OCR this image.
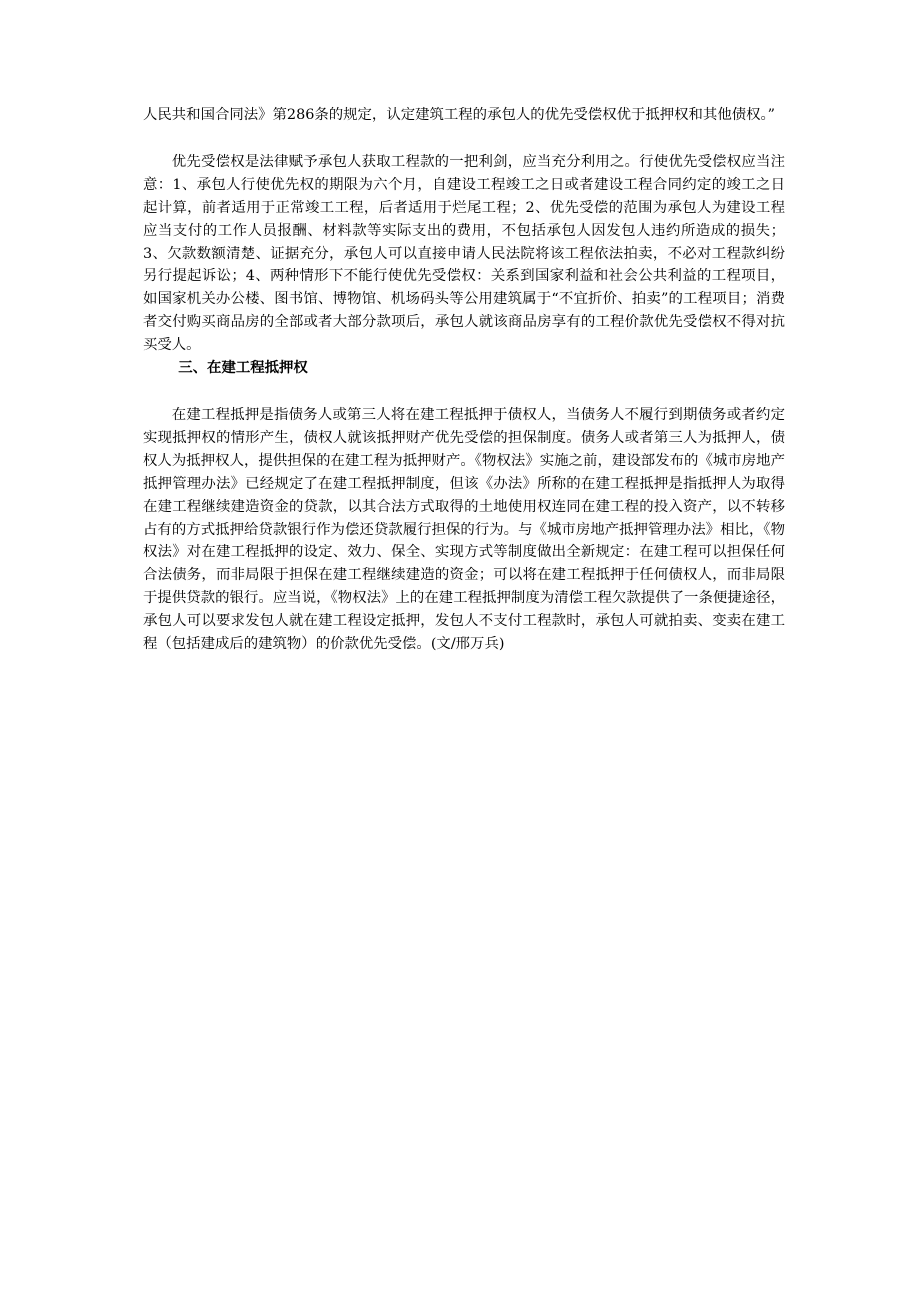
人民共和国合同法》第286条的规定，认定建筑工程的承包人的优先受偿权优于抵押权和其他债权。”

优先受偿权是法律赋予承包人获取工程款的一把利剑，应当充分利用之。行使优先受偿权应当注意：1、承包人行使优先权的期限为六个月，自建设工程竣工之日或者建设工程合同约定的竣工之日起计算，前者适用于正常竣工工程，后者适用于烂尾工程；2、优先受偿的范围为承包人为建设工程应当支付的工作人员报酬、材料款等实际支出的费用，不包括承包人因发包人违约所造成的损失；3、欠款数额清楚、证据充分，承包人可以直接申请人民法院将该工程依法拍卖，不必对工程款纠纷另行提起诉讼；4、两种情形下不能行使优先受偿权：关系到国家利益和社会公共利益的工程项目，如国家机关办公楼、图书馆、博物馆、机场码头等公用建筑属于“不宜折价、拍卖”的工程项目；消费者交付购买商品房的全部或者大部分款项后，承包人就该商品房享有的工程价款优先受偿权不得对抗买受人。

三、在建工程抵押权

在建工程抵押是指债务人或第三人将在建工程抵押于债权人，当债务人不履行到期债务或者约定实现抵押权的情形产生，债权人就该抵押财产优先受偿的担保制度。债务人或者第三人为抵押人，债权人为抵押权人，提供担保的在建工程为抵押财产。《物权法》实施之前，建设部发布的《城市房地产抵押管理办法》已经规定了在建工程抵押制度，但该《办法》所称的在建工程抵押是指抵押人为取得在建工程继续建造资金的贷款，以其合法方式取得的土地使用权连同在建工程的投入资产，以不转移占有的方式抵押给贷款银行作为偿还贷款履行担保的行为。与《城市房地产抵押管理办法》相比，《物权法》对在建工程抵押的设定、效力、保全、实现方式等制度做出全新规定：在建工程可以担保任何合法债务，而非局限于担保在建工程继续建造的资金；可以将在建工程抵押于任何债权人，而非局限于提供贷款的银行。应当说，《物权法》上的在建工程抵押制度为清偿工程欠款提供了一条便捷途径，承包人可以要求发包人就在建工程设定抵押，发包人不支付工程款时，承包人可就拍卖、变卖在建工程（包括建成后的建筑物）的价款优先受偿。(文/邢万兵)
